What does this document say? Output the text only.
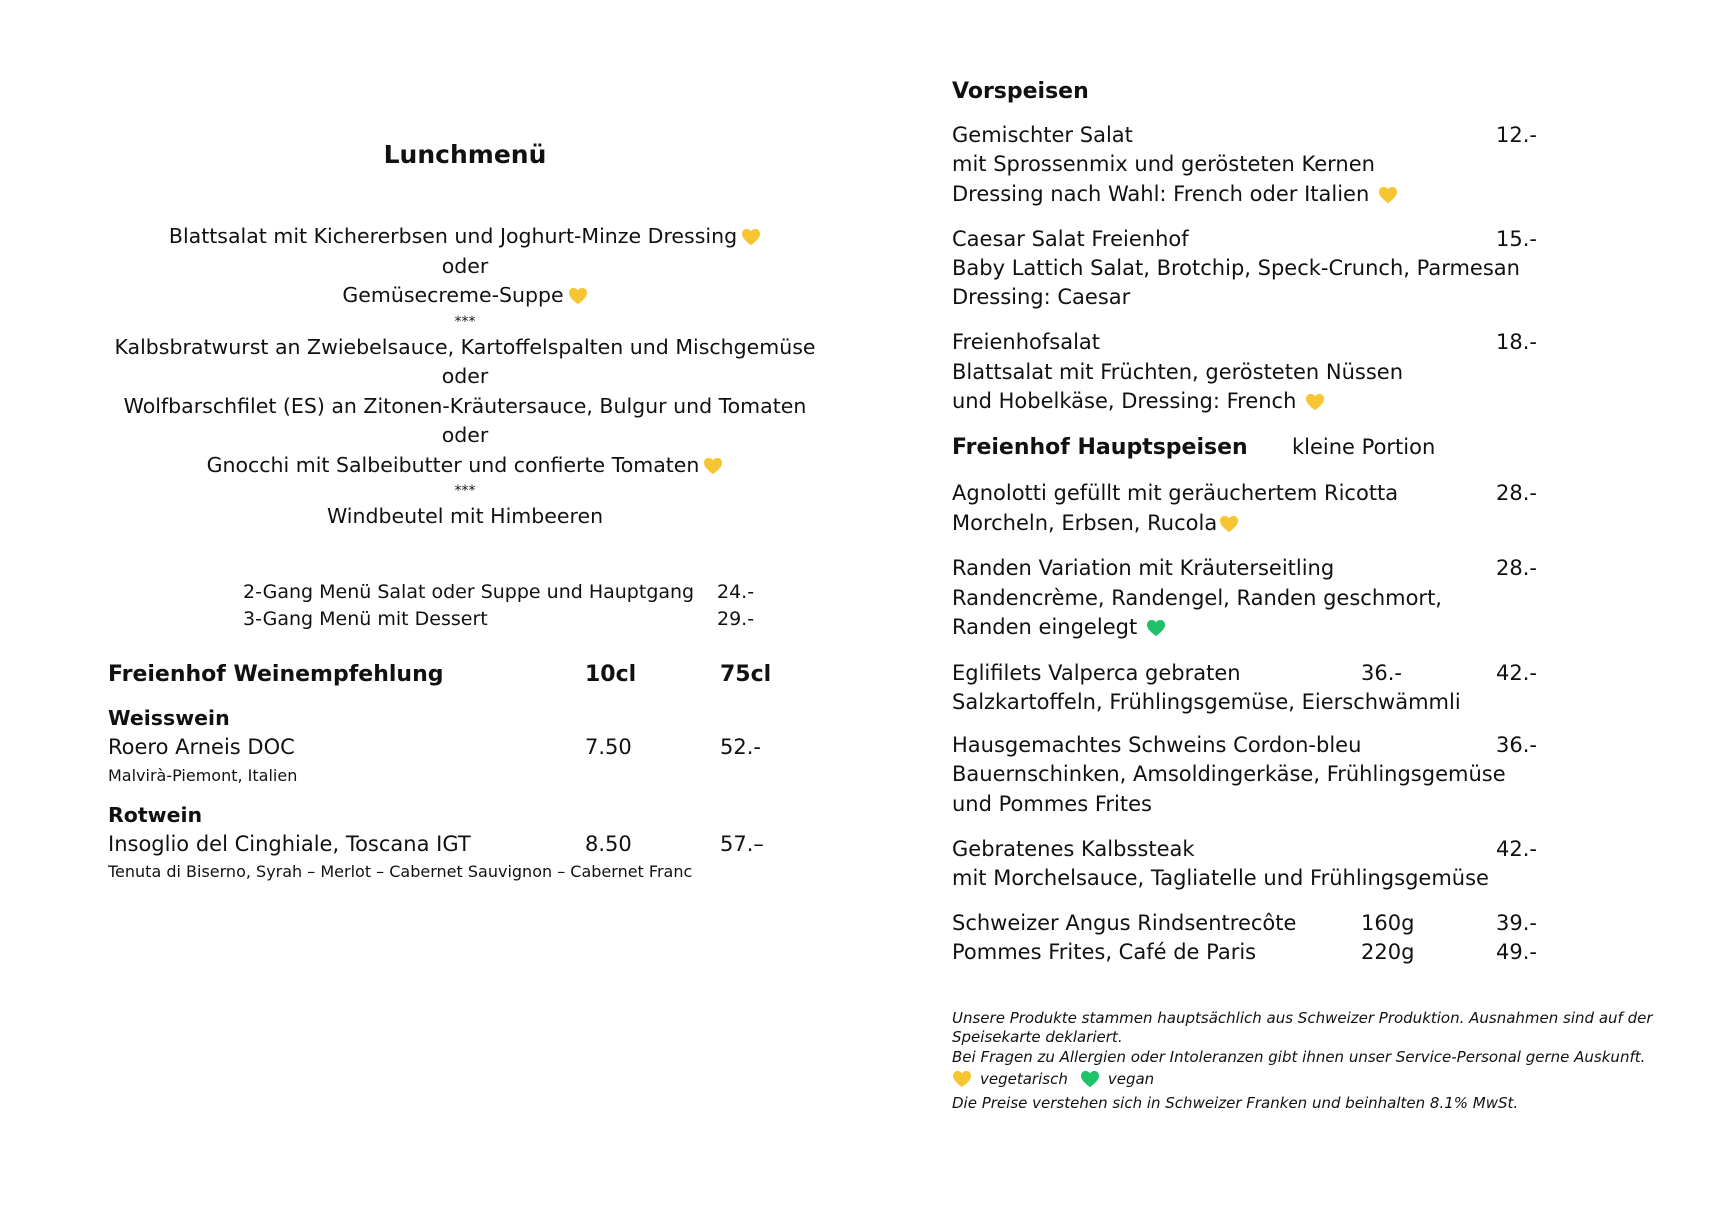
Lunchmenü
Blattsalat mit Kichererbsen und Joghurt-Minze Dressing
oder
Gemüsecreme-Suppe
***
Kalbsbratwurst an Zwiebelsauce, Kartoffelspalten und Mischgemüse
oder
Wolfbarschfilet (ES) an Zitonen-Kräutersauce, Bulgur und Tomaten
oder
Gnocchi mit Salbeibutter und confierte Tomaten
***
Windbeutel mit Himbeeren
2-Gang Menü Salat oder Suppe und Hauptgang 24.-
3-Gang Menü mit Dessert	29.-
Freienhof Weinempfehlung	10cl	75cl
Weisswein
Roero Arneis DOC	7.50	52.-
Malvirà-Piemont, Italien
Rotwein
Insoglio del Cinghiale, Toscana IGT	8.50	57.–
Tenuta di Biserno, Syrah – Merlot – Cabernet Sauvignon – Cabernet Franc
Vorspeisen
Gemischter Salat	12.-
mit Sprossenmix und gerösteten Kernen
Dressing nach Wahl: French oder Italien
Caesar Salat Freienhof	15.-
Baby Lattich Salat, Brotchip, Speck-Crunch, Parmesan
Dressing: Caesar
Freienhofsalat	18.-
Blattsalat mit Früchten, gerösteten Nüssen
und Hobelkäse, Dressing: French
Freienhof Hauptspeisen kleine Portion
Agnolotti gefüllt mit geräuchertem Ricotta	28.-
Morcheln, Erbsen, Rucola
Randen Variation mit Kräuterseitling	28.-
Randencrème, Randengel, Randen geschmort,
Randen eingelegt
Eglifilets Valperca gebraten	36.-	42.-
Salzkartoffeln, Frühlingsgemüse, Eierschwämmli
Hausgemachtes Schweins Cordon-bleu	36.-
Bauernschinken, Amsoldingerkäse, Frühlingsgemüse
und Pommes Frites
Gebratenes Kalbssteak	42.-
mit Morchelsauce, Tagliatelle und Frühlingsgemüse
Schweizer Angus Rindsentrecôte	160g	39.-
Pommes Frites, Café de Paris	220g	49.-
Unsere Produkte stammen hauptsächlich aus Schweizer Produktion. Ausnahmen sind auf der
Speisekarte deklariert.
Bei Fragen zu Allergien oder Intoleranzen gibt ihnen unser Service-Personal gerne Auskunft.
vegetarisch	vegan
Die Preise verstehen sich in Schweizer Franken und beinhalten 8.1% MwSt.
